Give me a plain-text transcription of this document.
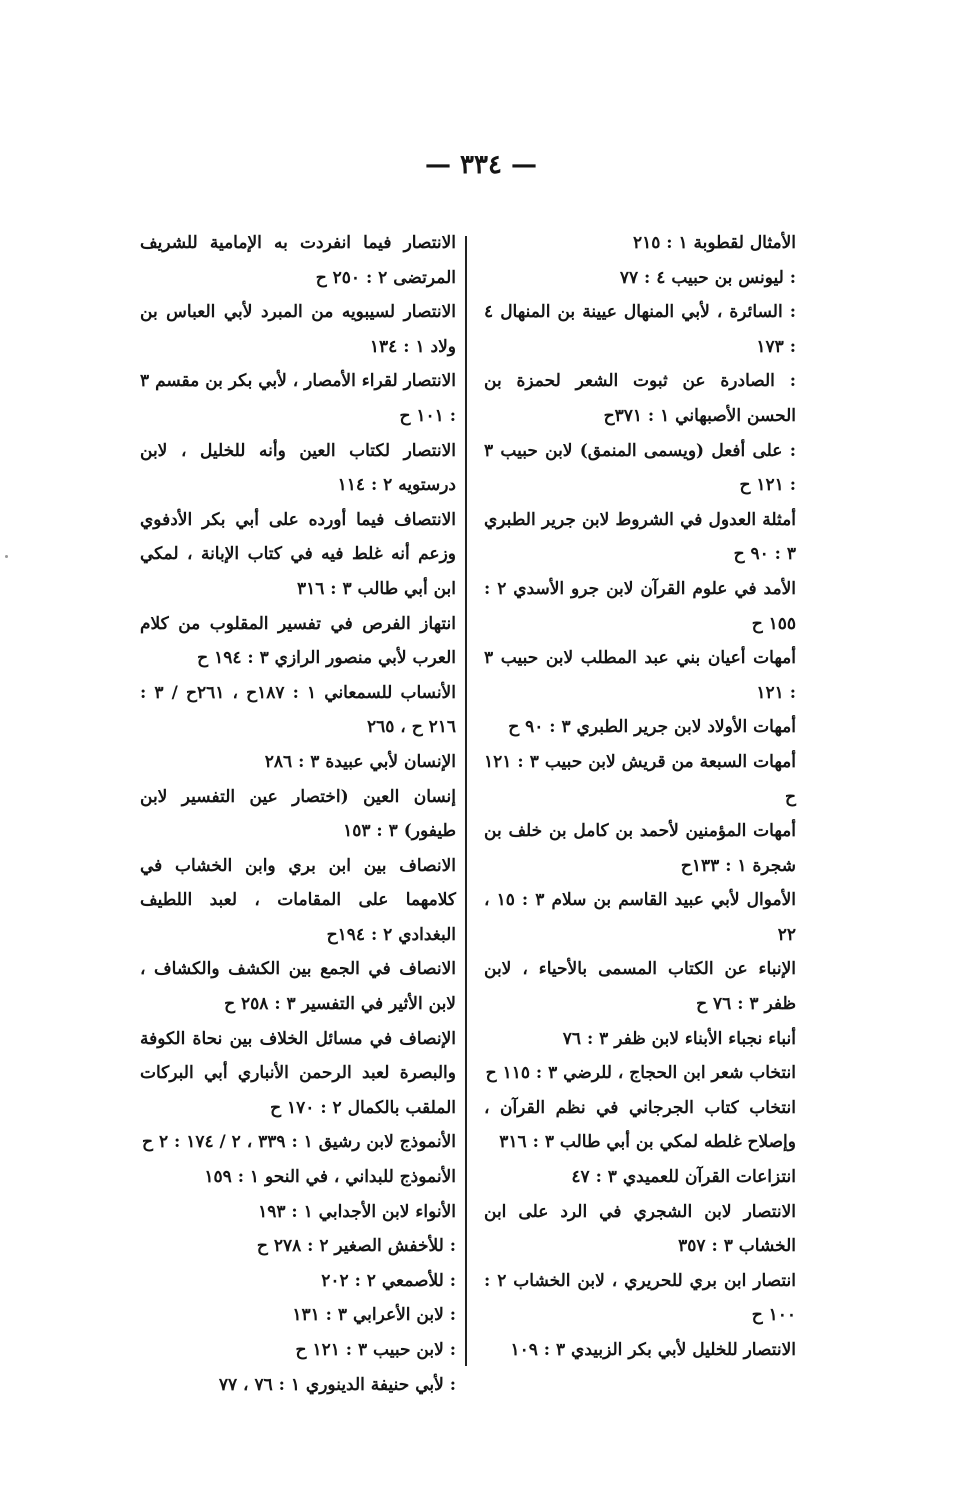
— ٣٣٤ —

الأمثال لقطوبة ١ : ٢١٥

: ليونس بن حبيب ٤ : ٧٧

: السائرة ، لأبي المنهال عيينة بن المنهال ٤ : ١٧٣

: الصادرة عن ثبوت الشعر لحمزة بن الحسن الأصبهاني ١ : ٣٧١ح

: على أفعل (ويسمى المنمق) لابن حبيب ٣ : ١٢١ ح

أمثلة العدول في الشروط لابن جرير الطبري ٣ : ٩٠ ح

الأمد في علوم القرآن لابن جرو الأسدي ٢ : ١٥٥ ح

أمهات أعيان بني عبد المطلب لابن حبيب ٣ : ١٢١

أمهات الأولاد لابن جرير الطبري ٣ : ٩٠ ح

أمهات السبعة من قريش لابن حبيب ٣ : ١٢١ ح

أمهات المؤمنين لأحمد بن كامل بن خلف بن شجرة ١ : ١٣٣ح

الأموال لأبي عبيد القاسم بن سلام ٣ : ١٥ ، ٢٢

الإنباء عن الكتاب المسمى بالأحياء ، لابن ظفر ٣ : ٧٦ ح

أنباء نجباء الأبناء لابن ظفر ٣ : ٧٦

انتخاب شعر ابن الحجاج ، للرضي ٣ : ١١٥ ح

انتخاب كتاب الجرجاني في نظم القرآن ، وإصلاح غلطه لمكي بن أبي طالب ٣ : ٣١٦

انتزاعات القرآن للعميدي ٣ : ٤٧

الانتصار لابن الشجري في الرد على ابن الخشاب ٣ : ٣٥٧

انتصار ابن بري للحريري ، لابن الخشاب ٢ : ١٠٠ ح

الانتصار للخليل لأبي بكر الزبيدي ٣ : ١٠٩

الانتصار فيما انفردت به الإمامية للشريف المرتضى ٢ : ٢٥٠ ح

الانتصار لسيبويه من المبرد لأبي العباس بن ولاد ١ : ١٣٤

الانتصار لقراء الأمصار ، لأبي بكر بن مقسم ٣ : ١٠١ ح

الانتصار لكتاب العين وأنه للخليل ، لابن درستويه ٢ : ١١٤

الانتصاف فيما أورده على أبي بكر الأدفوي وزعم أنه غلط فيه في كتاب الإبانة ، لمكي ابن أبي طالب ٣ : ٣١٦

انتهاز الفرص في تفسير المقلوب من كلام العرب لأبي منصور الرازي ٣ : ١٩٤ ح

الأنساب للسمعاني ١ : ١٨٧ح ، ٢٦١ح / ٣ : ٢١٦ ح ، ٢٦٥

الإنسان لأبي عبيدة ٣ : ٢٨٦

إنسان العين (اختصار عين التفسير لابن طيفور) ٣ : ١٥٣

الانصاف بين ابن بري وابن الخشاب في كلامهما على المقامات ، لعبد اللطيف البغدادي ٢ : ١٩٤ح

الانصاف في الجمع بين الكشف والكشاف ، لابن الأثير في التفسير ٣ : ٢٥٨ ح

الإنصاف في مسائل الخلاف بين نحاة الكوفة والبصرة لعبد الرحمن الأنباري أبي البركات الملقب بالكمال ٢ : ١٧٠ ح

الأنموذج لابن رشيق ١ : ٣٣٩ ، ٢ / ١٧٤ : ٢ ح

الأنموذج للبداني ، في النحو ١ : ١٥٩

الأنواء لابن الأجدابي ١ : ١٩٣

: للأخفش الصغير ٢ : ٢٧٨ ح

: للأصمعي ٢ : ٢٠٢

: لابن الأعرابي ٣ : ١٣١

: لابن حبيب ٣ : ١٢١ ح

: لأبي حنيفة الدينوري ١ : ٧٦ ، ٧٧
